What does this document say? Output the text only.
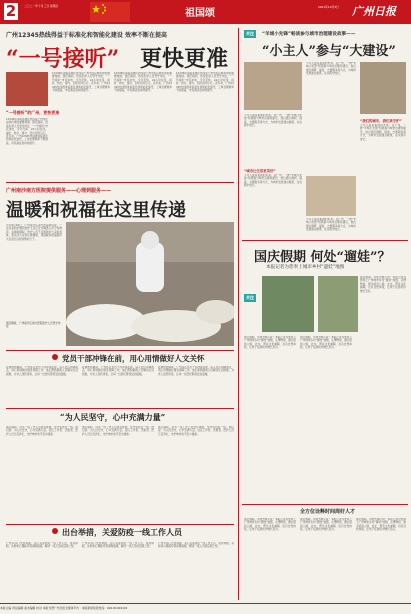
2	二〇二一年十月三日 星期日
祖国颂
2021年10月3日	广州日报
广州12345热线得益于标准化和智能化建设 效率不断在提高
“一号接听” 更快更准
“一号接听”的广州，更快更准
12345政务服务便民热线是广州市民反映诉求的重要渠道。国庆期间，热线坐席人员坚守岗位，“一号接听”市民来电，全年无休、24小时在线，接听、转办、督办、回访闭环运行。近年来，广州12345热线推进标准化和智能化建设，工单处理效率不断提高，市民满意度持续提升。
12345政务服务便民热线是广州市民反映诉求的重要渠道。国庆期间，热线坐席人员坚守岗位，“一号接听”市民来电，全年无休、24小时在线，接听、转办、督办、回访闭环运行。近年来，广州12345热线推进标准化和智能化建设，工单处理效率不断提高，市民满意度持续提升。
12345政务服务便民热线是广州市民反映诉求的重要渠道。国庆期间，热线坐席人员坚守岗位，“一号接听”市民来电，全年无休、24小时在线，接听、转办、督办、回访闭环运行。近年来，广州12345热线推进标准化和智能化建设，工单处理效率不断提高，市民满意度持续提升。
12345政务服务便民热线是广州市民反映诉求的重要渠道。国庆期间，热线坐席人员坚守岗位，“一号接听”市民来电，全年无休、24小时在线，接听、转办、督办、回访闭环运行。近年来，广州12345热线推进标准化和智能化建设，工单处理效率不断提高，市民满意度持续提升。
广州南沙南方医院提供服务——心理到服务——
温暖和祝福在这里传递
今年9月18日，广州南沙区南方医院病房里，一位身着防护服的医护人员正在为隔离人员分发物资。在隔离期间，医护人员不仅照顾好大家的身体，更关注大家的心理健康，用温暖和祝福陪伴大家度过这段特殊的日子。
国庆期间，广州南沙区南方医院医护人员坚守岗位
党员干部冲锋在前，用心用情做好人文关怀
疫情防控期间，广州各区党员干部冲锋在前，深入社区和隔离点，用心用情做好服务保障工作。他们帮助隔离人员解决生活困难，为老人送药送菜，让每一位居民都感受到温暖。
疫情防控期间，广州各区党员干部冲锋在前，深入社区和隔离点，用心用情做好服务保障工作。他们帮助隔离人员解决生活困难，为老人送药送菜，让每一位居民都感受到温暖。
疫情防控期间，广州各区党员干部冲锋在前，深入社区和隔离点，用心用情做好服务保障工作。他们帮助隔离人员解决生活困难，为老人送药送菜，让每一位居民都感受到温暖。
“为人民坚守，心中充满力量”
国庆期间，许多一线工作人员放弃休假，坚守在抗疫一线。他们说：为人民坚守，心中充满力量。社区工作者、志愿者、医护人员日夜奔忙，守护城市的平安与健康。
国庆期间，许多一线工作人员放弃休假，坚守在抗疫一线。他们说：为人民坚守，心中充满力量。社区工作者、志愿者、医护人员日夜奔忙，守护城市的平安与健康。
国庆期间，许多一线工作人员放弃休假，坚守在抗疫一线。他们说：为人民坚守，心中充满力量。社区工作者、志愿者、医护人员日夜奔忙，守护城市的平安与健康。
出台举措，关爱防疫一线工作人员
广州多部门出台举措，关心关爱防疫一线工作人员，落实休假、补助和心理疏导等保障措施，解决一线人员的后顾之忧。
广州多部门出台举措，关心关爱防疫一线工作人员，落实休假、补助和心理疏导等保障措施，解决一线人员的后顾之忧。
广州多部门出台举措，关心关爱防疫一线工作人员，落实休假、补助和心理疏导等保障措施，解决一线人员的后顾之忧。
关注	“羊城小先锋”畅谈参与城市治理建设故事——
“小主人”参与“大建设”
少年儿童是祖国的未来。在广州，一群“羊城小先锋”积极参与城市治理和建设，他们通过调研、提案、志愿服务等方式，为城市发展建言献策，在实践中成长。
“城市让生活更美好”
少年儿童是祖国的未来。在广州，一群“羊城小先锋”积极参与城市治理和建设，他们通过调研、提案、志愿服务等方式，为城市发展建言献策，在实践中成长。
少年儿童是祖国的未来。在广州，一群“羊城小先锋”积极参与城市治理和建设，他们通过调研、提案、志愿服务等方式，为城市发展建言献策，在实践中成长。
少年儿童是祖国的未来。在广州，一群“羊城小先锋”积极参与城市治理和建设，他们通过调研、提案、志愿服务等方式，为城市发展建言献策，在实践中成长。
“我们的城市，我们来守护”
少年儿童是祖国的未来。在广州，一群“羊城小先锋”积极参与城市治理和建设，他们通过调研、提案、志愿服务等方式，为城市发展建言献策，在实践中成长。
国庆假期 何处“遛娃”？
本报记者为您奉上城市乡村“遛娃”地图
关注
国庆假期，带娃去哪儿玩？本报记者为您奉上广州城市乡村“遛娃”地图，从博物馆、图书馆到公园、农庄，既有文化熏陶，也有自然体验，让孩子在游玩中增长见识。
国庆假期，带娃去哪儿玩？本报记者为您奉上广州城市乡村“遛娃”地图，从博物馆、图书馆到公园、农庄，既有文化熏陶，也有自然体验，让孩子在游玩中增长见识。
国庆假期，带娃去哪儿玩？本报记者为您奉上广州城市乡村“遛娃”地图，从博物馆、图书馆到公园、农庄，既有文化熏陶，也有自然体验，让孩子在游玩中增长见识。
全方位诠释时间周好人才
国庆假期，带娃去哪儿玩？本报记者为您奉上广州城市乡村“遛娃”地图，从博物馆、图书馆到公园、农庄，既有文化熏陶，也有自然体验，让孩子在游玩中增长见识。
国庆假期，带娃去哪儿玩？本报记者为您奉上广州城市乡村“遛娃”地图，从博物馆、图书馆到公园、农庄，既有文化熏陶，也有自然体验，让孩子在游玩中增长见识。
国庆假期，带娃去哪儿玩？本报记者为您奉上广州城市乡村“遛娃”地图，从博物馆、图书馆到公园、农庄，既有文化熏陶，也有自然体验，让孩子在游玩中增长见识。
本版主编 责任编辑 美术编辑 校对 本版刊登广州日报全媒体平台 · 本版新闻线索热线：020-81919191
